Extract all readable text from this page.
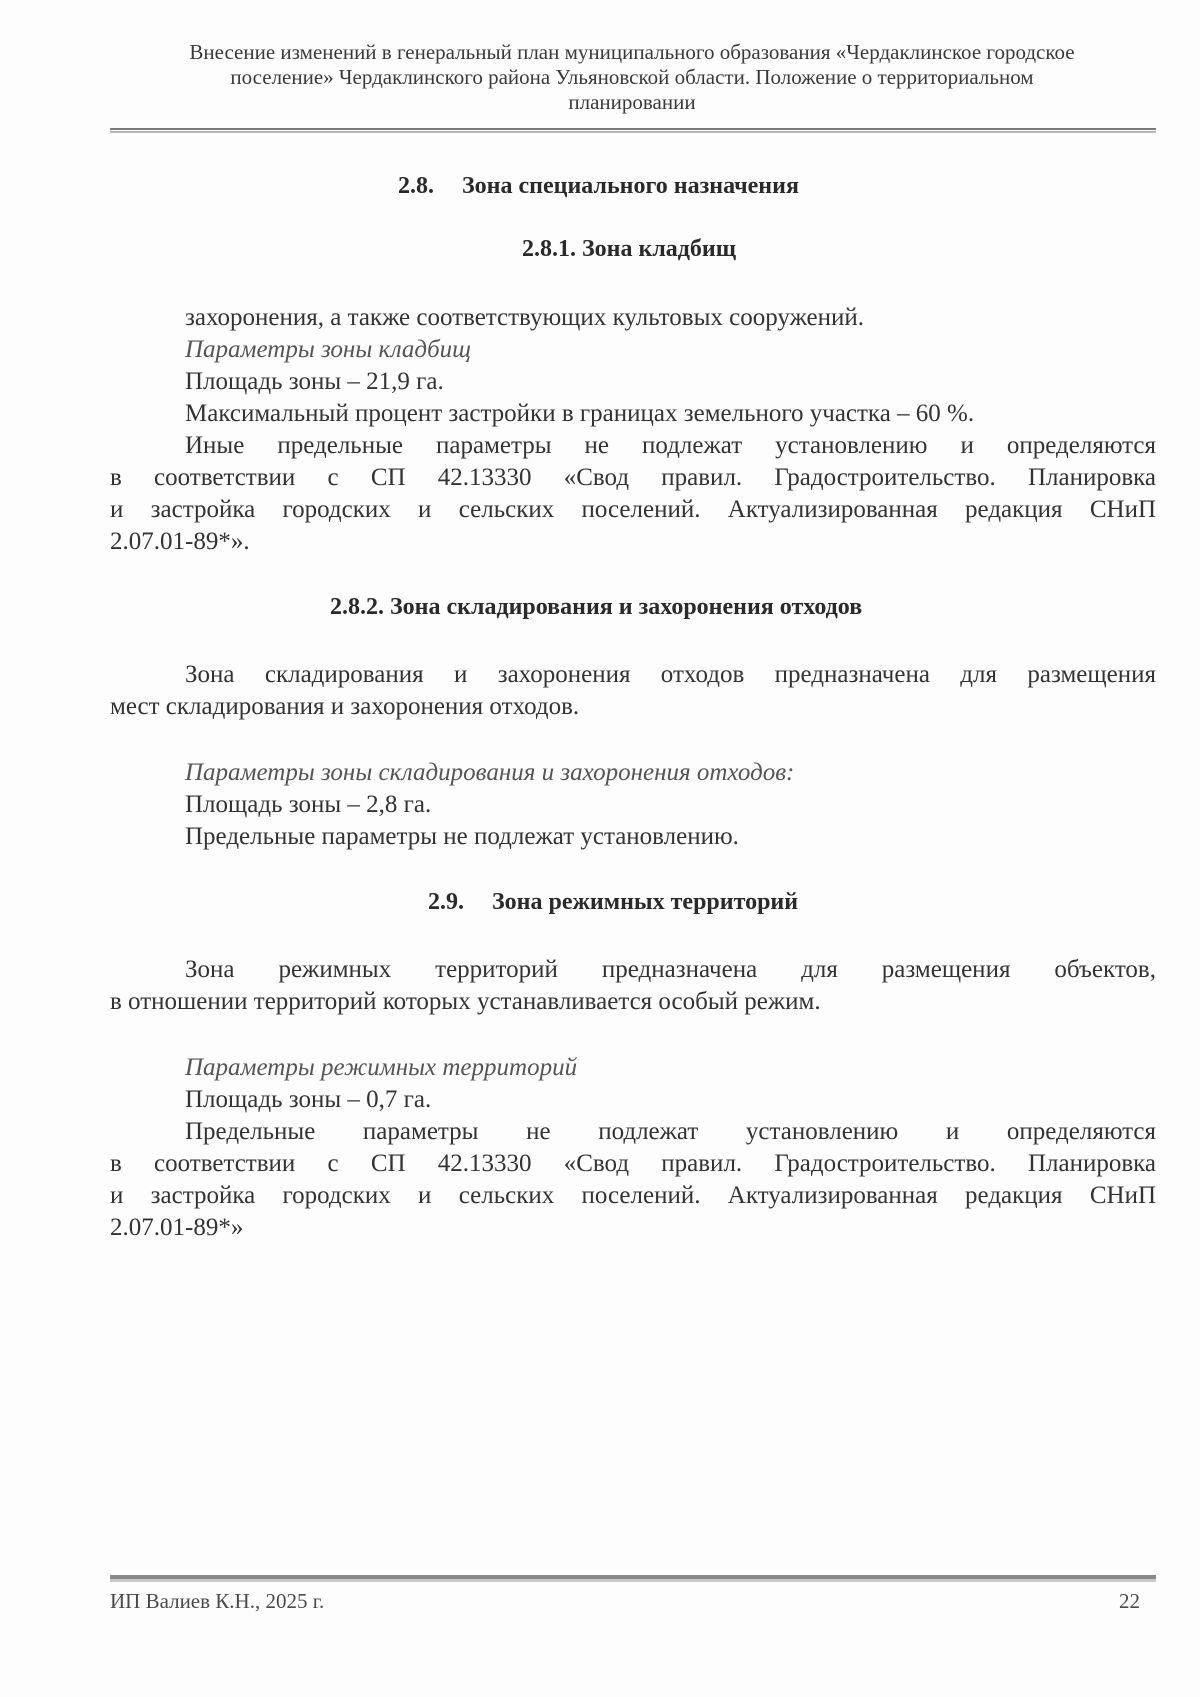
Внесение изменений в генеральный план муниципального образования «Чердаклинское городское
поселение» Чердаклинского района Ульяновской области. Положение о территориальном
планировании
2.8. Зона специального назначения
2.8.1. Зона кладбищ
захоронения, а также соответствующих культовых сооружений.
Параметры зоны кладбищ
Площадь зоны – 21,9 га.
Максимальный процент застройки в границах земельного участка – 60 %.
Иные предельные параметры не подлежат установлению и определяются
в соответствии с СП 42.13330 «Свод правил. Градостроительство. Планировка
и застройка городских и сельских поселений. Актуализированная редакция СНиП
2.07.01-89*».
2.8.2. Зона складирования и захоронения отходов
Зона складирования и захоронения отходов предназначена для размещения
мест складирования и захоронения отходов.
Параметры зоны складирования и захоронения отходов:
Площадь зоны – 2,8 га.
Предельные параметры не подлежат установлению.
2.9. Зона режимных территорий
Зона режимных территорий предназначена для размещения объектов,
в отношении территорий которых устанавливается особый режим.
Параметры режимных территорий
Площадь зоны – 0,7 га.
Предельные параметры не подлежат установлению и определяются
в соответствии с СП 42.13330 «Свод правил. Градостроительство. Планировка
и застройка городских и сельских поселений. Актуализированная редакция СНиП
2.07.01-89*»
ИП Валиев К.Н., 2025 г.	22
